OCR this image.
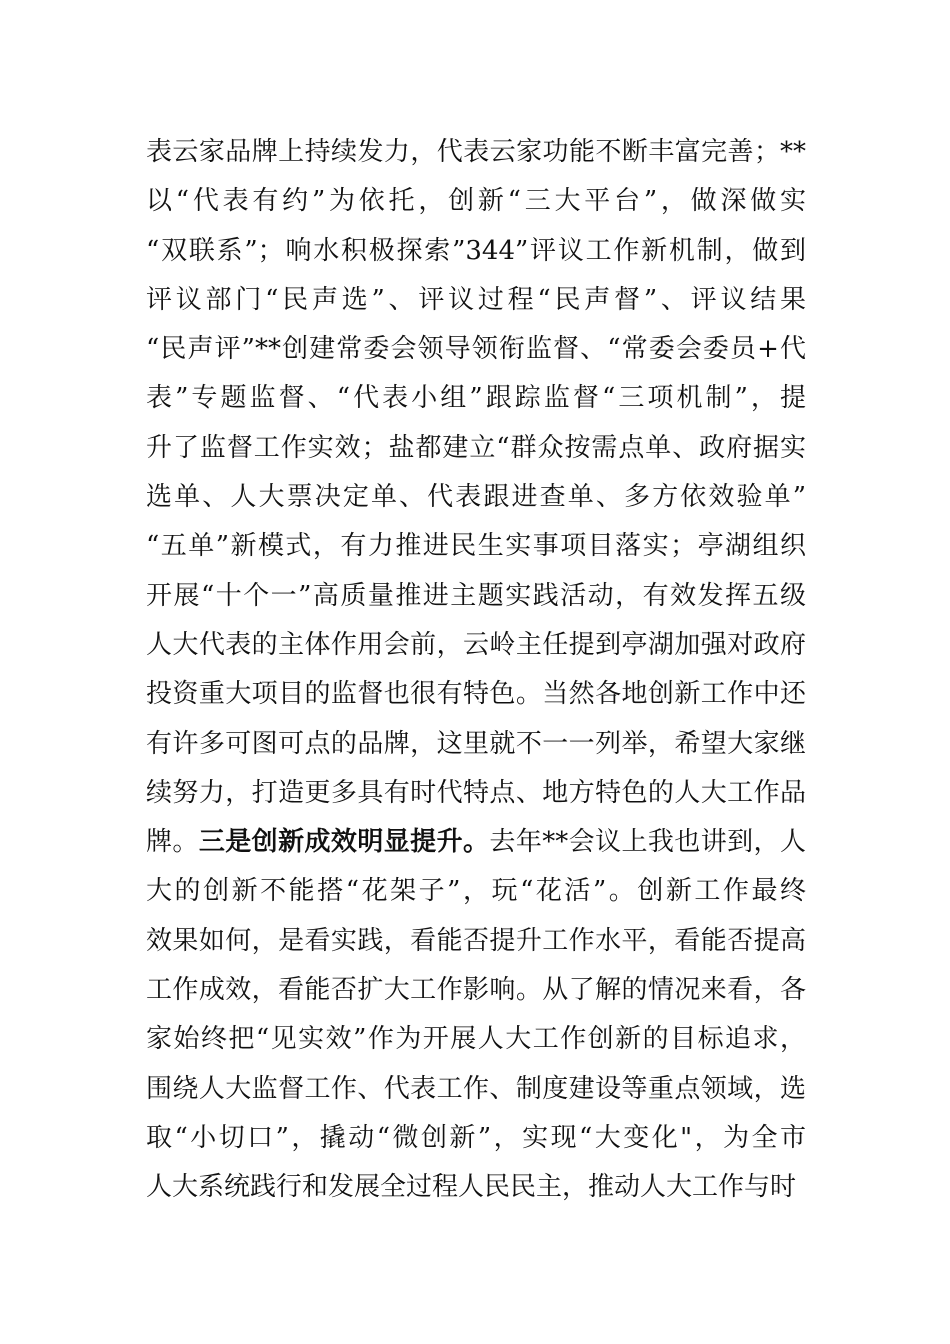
表云家品牌上持续发力，代表云家功能不断丰富完善；**
以“代表有约”为依托，创新“三大平台”，做深做实
“双联系”；响水积极探索”344”评议工作新机制，做到
评议部门“民声选”、评议过程“民声督”、评议结果
“民声评”**创建常委会领导领衔监督、“常委会委员+代
表”专题监督、“代表小组”跟踪监督“三项机制”，提
升了监督工作实效；盐都建立“群众按需点单、政府据实
选单、人大票决定单、代表跟进查单、多方依效验单”
“五单”新模式，有力推进民生实事项目落实；亭湖组织
开展“十个一”高质量推进主题实践活动，有效发挥五级
人大代表的主体作用会前，云岭主任提到亭湖加强对政府
投资重大项目的监督也很有特色。当然各地创新工作中还
有许多可图可点的品牌，这里就不一一列举，希望大家继
续努力，打造更多具有时代特点、地方特色的人大工作品
牌。三是创新成效明显提升。去年**会议上我也讲到，人
大的创新不能搭“花架子”，玩“花活”。创新工作最终
效果如何，是看实践，看能否提升工作水平，看能否提高
工作成效，看能否扩大工作影响。从了解的情况来看，各
家始终把“见实效”作为开展人大工作创新的目标追求，
围绕人大监督工作、代表工作、制度建设等重点领域，选
取“小切口”，撬动“微创新”，实现“大变化"，为全市
人大系统践行和发展全过程人民民主，推动人大工作与时
